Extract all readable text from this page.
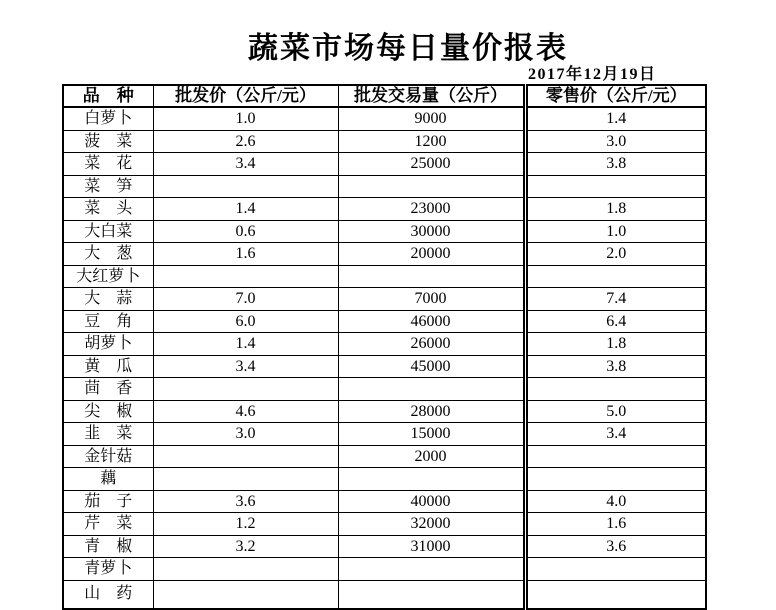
蔬菜市场每日量价报表
2017年12月19日
品　种	批发价（公斤/元）	批发交易量（公斤）	零售价（公斤/元）
白萝卜	1.0	9000	1.4
菠　菜	2.6	1200	3.0
菜　花	3.4	25000	3.8
菜　笋			
菜　头	1.4	23000	1.8
大白菜	0.6	30000	1.0
大　葱	1.6	20000	2.0
大红萝卜			
大　蒜	7.0	7000	7.4
豆　角	6.0	46000	6.4
胡萝卜	1.4	26000	1.8
黄　瓜	3.4	45000	3.8
茴　香			
尖　椒	4.6	28000	5.0
韭　菜	3.0	15000	3.4
金针菇		2000	
藕			
茄　子	3.6	40000	4.0
芹　菜	1.2	32000	1.6
青　椒	3.2	31000	3.6
青萝卜			
山　药			
